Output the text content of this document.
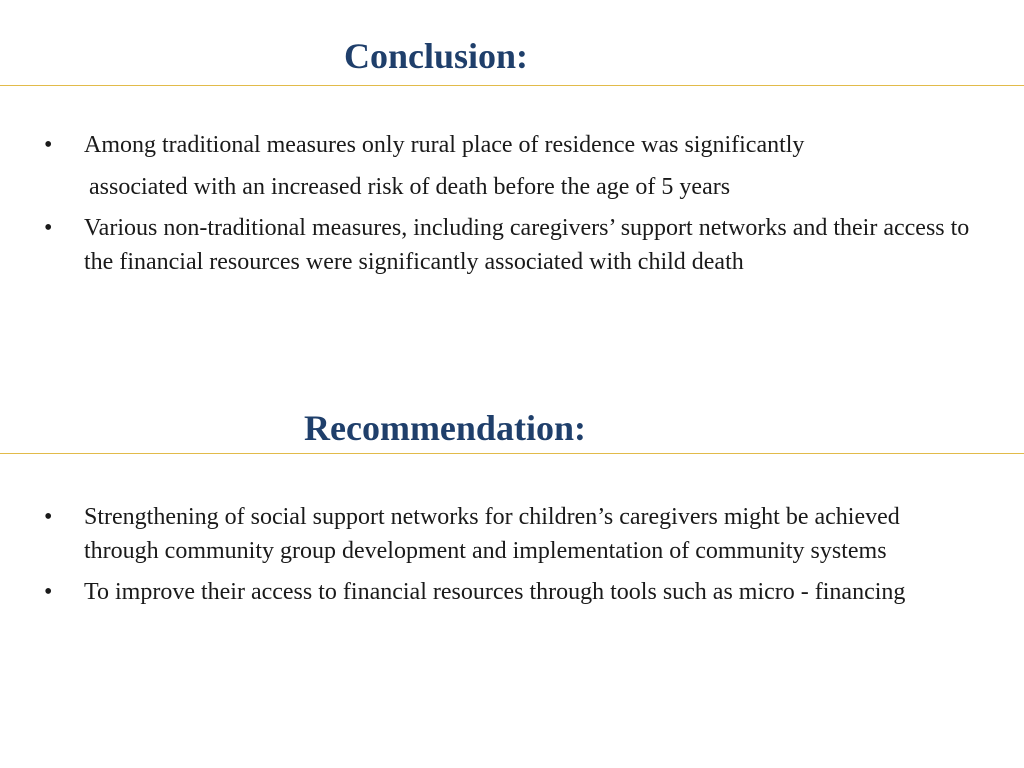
Conclusion:
• Among traditional measures only rural place of residence was significantly
associated with an increased risk of death before the age of 5 years
• Various non-traditional measures, including caregivers’ support networks and their access to the financial resources were significantly associated with child death
Recommendation:
• Strengthening of social support networks for children’s caregivers might be achieved through community group development and implementation of community systems
• To improve their access to financial resources through tools such as micro - financing
